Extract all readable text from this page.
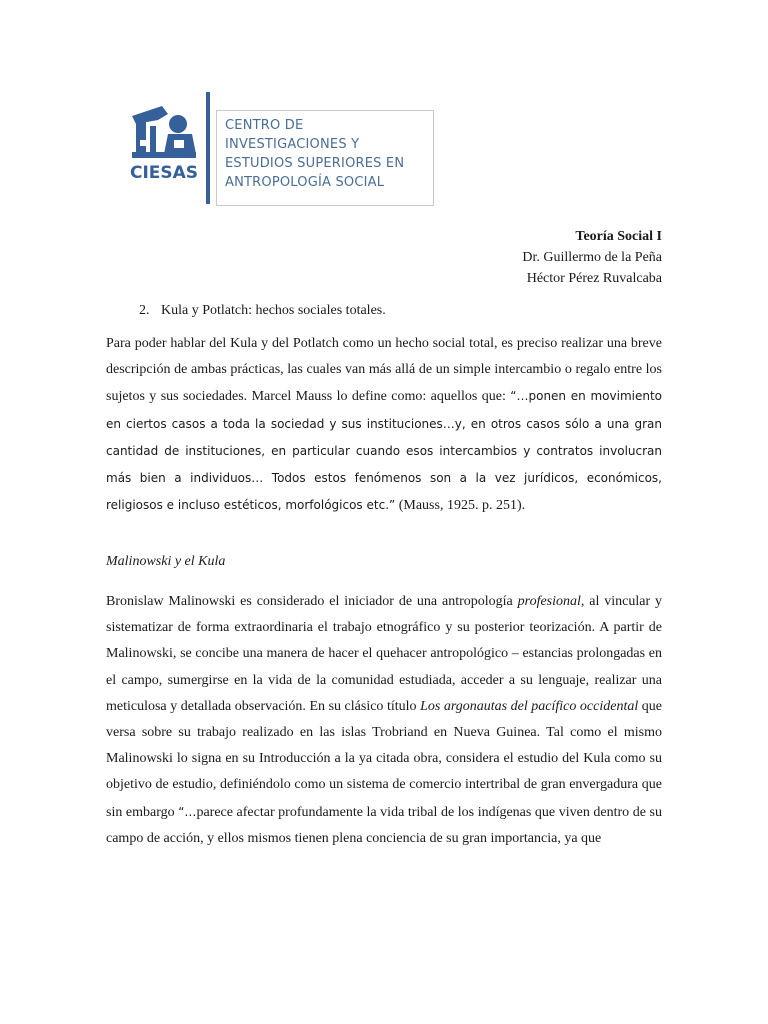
CIESAS
CENTRO DE
INVESTIGACIONES Y
ESTUDIOS SUPERIORES EN
ANTROPOLOGÍA SOCIAL
Teoría Social I
Dr. Guillermo de la Peña
Héctor Pérez Ruvalcaba
2. Kula y Potlatch: hechos sociales totales.

Para poder hablar del Kula y del Potlatch como un hecho social total, es preciso realizar una breve descripción de ambas prácticas, las cuales van más allá de un simple intercambio o regalo entre los sujetos y sus sociedades. Marcel Mauss lo define como: aquellos que: “…ponen en movimiento en ciertos casos a toda la sociedad y sus instituciones…y, en otros casos sólo a una gran cantidad de instituciones, en particular cuando esos intercambios y contratos involucran más bien a individuos… Todos estos fenómenos son a la vez jurídicos, económicos, religiosos e incluso estéticos, morfológicos etc.” (Mauss, 1925. p. 251).

Malinowski y el Kula

Bronislaw Malinowski es considerado el iniciador de una antropología profesional, al vincular y sistematizar de forma extraordinaria el trabajo etnográfico y su posterior teorización. A partir de Malinowski, se concibe una manera de hacer el quehacer antropológico – estancias prolongadas en el campo, sumergirse en la vida de la comunidad estudiada, acceder a su lenguaje, realizar una meticulosa y detallada observación. En su clásico título Los argonautas del pacífico occidental que versa sobre su trabajo realizado en las islas Trobriand en Nueva Guinea. Tal como el mismo Malinowski lo signa en su Introducción a la ya citada obra, considera el estudio del Kula como su objetivo de estudio, definiéndolo como un sistema de comercio intertribal de gran envergadura que sin embargo “…parece afectar profundamente la vida tribal de los indígenas que viven dentro de su campo de acción, y ellos mismos tienen plena conciencia de su gran importancia, ya que
